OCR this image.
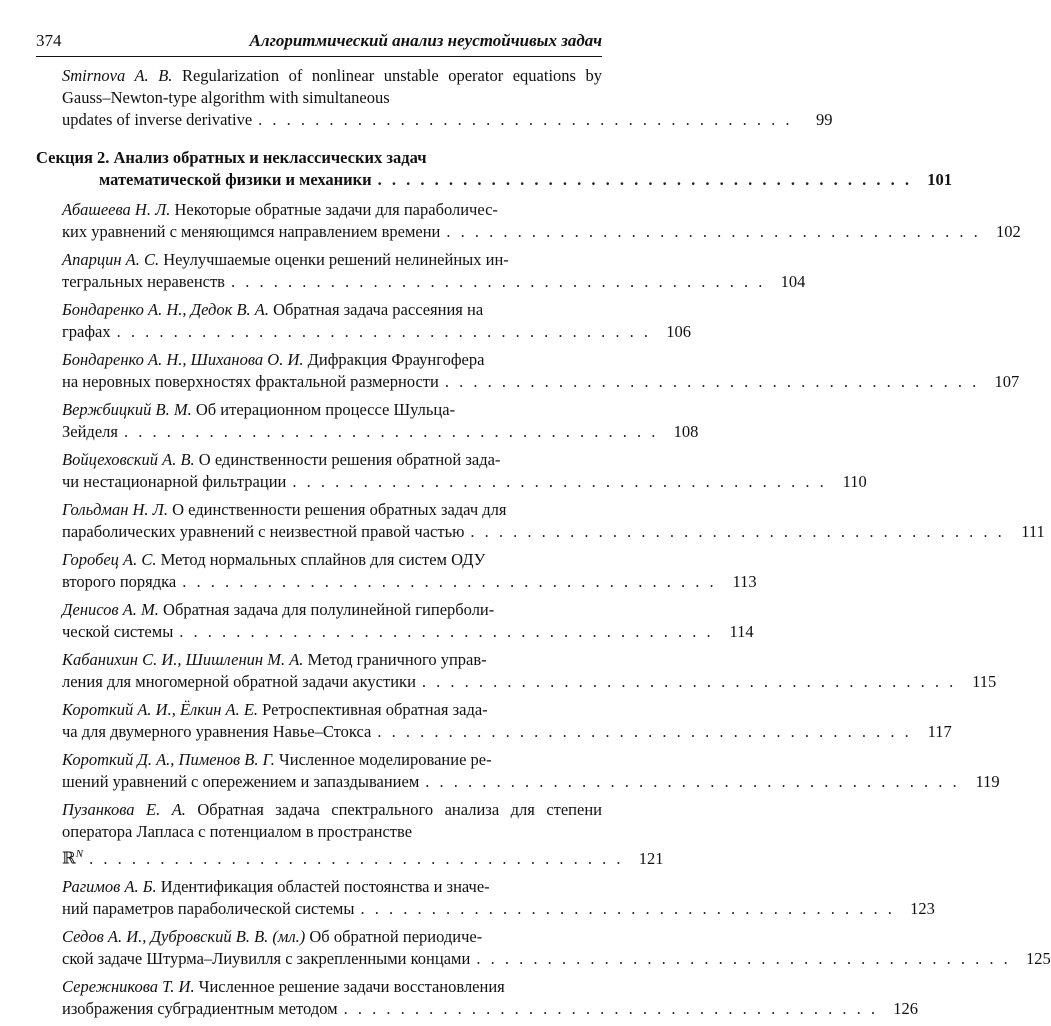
374	Алгоритмический анализ неустойчивых задач
Smirnova A. B. Regularization of nonlinear unstable operator equations by Gauss–Newton-type algorithm with simultaneous
updates of inverse derivative . . . . . . . . . . . . . . . . . . . . . . . . . . . . . . . . . . . . . .	99
Секция 2. Анализ обратных и неклассических задач
математической физики и механики . . . . . . . . . . . . . . . . . . . . . . . . . . . . . . . . . . . . . . 101
Абашеева Н. Л. Некоторые обратные задачи для параболичес-
ких уравнений с меняющимся направлением времени . . . . . . . . . . . . . . . . . . . . . . . . . . . . . . . . . . . . . . 102
Апарцин А. С. Неулучшаемые оценки решений нелинейных ин-
тегральных неравенств . . . . . . . . . . . . . . . . . . . . . . . . . . . . . . . . . . . . . . 104
Бондаренко А. Н., Дедок В. А. Обратная задача рассеяния на
графах . . . . . . . . . . . . . . . . . . . . . . . . . . . . . . . . . . . . . . 106
Бондаренко А. Н., Шиханова О. И. Дифракция Фраунгофера
на неровных поверхностях фрактальной размерности . . . . . . . . . . . . . . . . . . . . . . . . . . . . . . . . . . . . . . 107
Вержбицкий В. М. Об итерационном процессе Шульца-
Зейделя . . . . . . . . . . . . . . . . . . . . . . . . . . . . . . . . . . . . . . 108
Войцеховский А. В. О единственности решения обратной зада-
чи нестационарной фильтрации . . . . . . . . . . . . . . . . . . . . . . . . . . . . . . . . . . . . . . 110
Гольдман Н. Л. О единственности решения обратных задач для
параболических уравнений с неизвестной правой частью . . . . . . . . . . . . . . . . . . . . . . . . . . . . . . . . . . . . . . 111
Горобец А. С. Метод нормальных сплайнов для систем ОДУ
второго порядка . . . . . . . . . . . . . . . . . . . . . . . . . . . . . . . . . . . . . . 113
Денисов А. М. Обратная задача для полулинейной гиперболи-
ческой системы . . . . . . . . . . . . . . . . . . . . . . . . . . . . . . . . . . . . . . 114
Кабанихин С. И., Шишленин М. А. Метод граничного управ-
ления для многомерной обратной задачи акустики . . . . . . . . . . . . . . . . . . . . . . . . . . . . . . . . . . . . . . 115
Короткий А. И., Ёлкин А. Е. Ретроспективная обратная зада-
ча для двумерного уравнения Навье–Стокса . . . . . . . . . . . . . . . . . . . . . . . . . . . . . . . . . . . . . . 117
Короткий Д. А., Пименов В. Г. Численное моделирование ре-
шений уравнений с опережением и запаздыванием . . . . . . . . . . . . . . . . . . . . . . . . . . . . . . . . . . . . . . 119
Пузанкова Е. А. Обратная задача спектрального анализа для степени оператора Лапласа с потенциалом в пространстве
ℝ$^N$ . . . . . . . . . . . . . . . . . . . . . . . . . . . . . . . . . . . . . . 121
Рагимов А. Б. Идентификация областей постоянства и значе-
ний параметров параболической системы . . . . . . . . . . . . . . . . . . . . . . . . . . . . . . . . . . . . . . 123
Седов А. И., Дубровский В. В. (мл.) Об обратной периодиче-
ской задаче Штурма–Лиувилля с закрепленными концами . . . . . . . . . . . . . . . . . . . . . . . . . . . . . . . . . . . . . . 125
Сережникова Т. И. Численное решение задачи восстановления
изображения субградиентным методом . . . . . . . . . . . . . . . . . . . . . . . . . . . . . . . . . . . . . . 126
